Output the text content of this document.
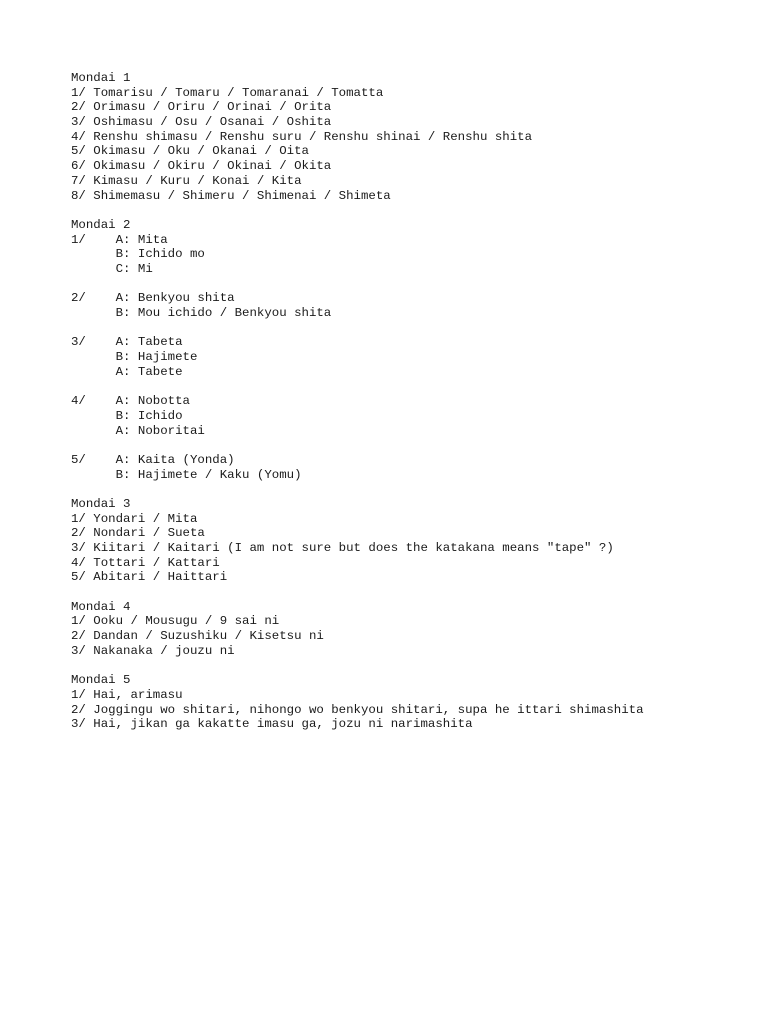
Mondai 1
1/ Tomarisu / Tomaru / Tomaranai / Tomatta
2/ Orimasu / Oriru / Orinai / Orita
3/ Oshimasu / Osu / Osanai / Oshita
4/ Renshu shimasu / Renshu suru / Renshu shinai / Renshu shita
5/ Okimasu / Oku / Okanai / Oita
6/ Okimasu / Okiru / Okinai / Okita
7/ Kimasu / Kuru / Konai / Kita
8/ Shimemasu / Shimeru / Shimenai / Shimeta
Mondai 2
1/    A: Mita
B: Ichido mo
C: Mi
2/    A: Benkyou shita
B: Mou ichido / Benkyou shita
3/    A: Tabeta
B: Hajimete
A: Tabete
4/    A: Nobotta
B: Ichido
A: Noboritai
5/    A: Kaita (Yonda)
B: Hajimete / Kaku (Yomu)
Mondai 3
1/ Yondari / Mita
2/ Nondari / Sueta
3/ Kiitari / Kaitari (I am not sure but does the katakana means "tape" ?)
4/ Tottari / Kattari
5/ Abitari / Haittari
Mondai 4
1/ Ooku / Mousugu / 9 sai ni
2/ Dandan / Suzushiku / Kisetsu ni
3/ Nakanaka / jouzu ni
Mondai 5
1/ Hai, arimasu
2/ Joggingu wo shitari, nihongo wo benkyou shitari, supa he ittari shimashita
3/ Hai, jikan ga kakatte imasu ga, jozu ni narimashita
